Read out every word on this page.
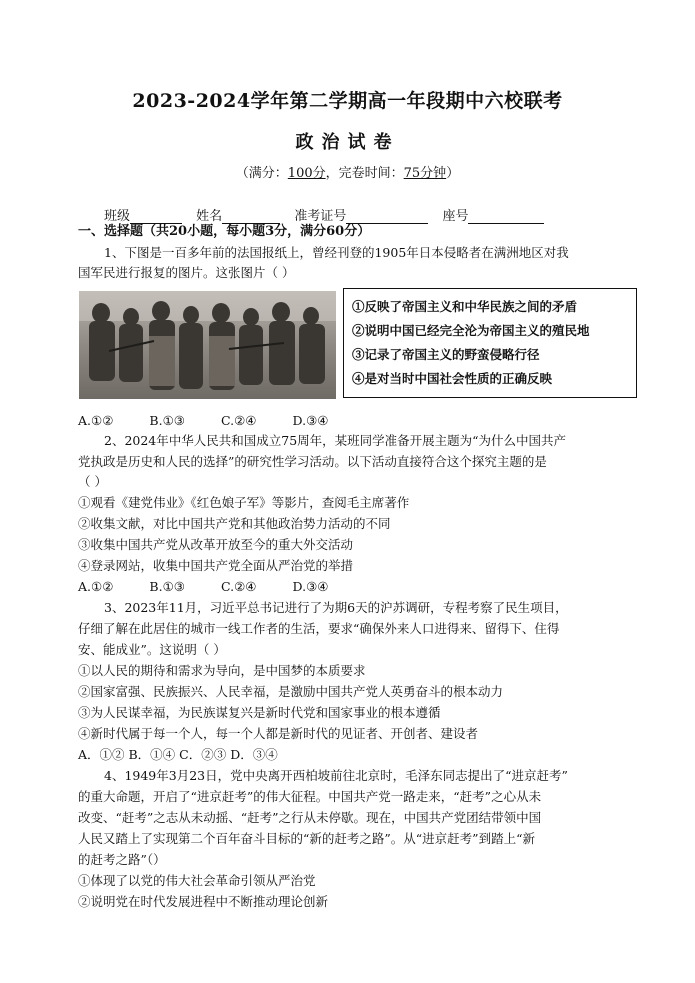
2023-2024学年第二学期高一年段期中六校联考
政治试卷
（满分：100分，完卷时间：75分钟）
班级	姓名	准考证号	座号
一、选择题（共20小题，每小题3分，满分60分）
1、下图是一百多年前的法国报纸上，曾经刊登的1905年日本侵略者在满洲地区对我
国军民进行报复的图片。这张图片（ ）
①反映了帝国主义和中华民族之间的矛盾
②说明中国已经完全沦为帝国主义的殖民地
③记录了帝国主义的野蛮侵略行径
④是对当时中国社会性质的正确反映
A.①②	B.①③	C.②④	D.③④
2、2024年中华人民共和国成立75周年，某班同学准备开展主题为“为什么中国共产
党执政是历史和人民的选择”的研究性学习活动。以下活动直接符合这个探究主题的是
（ ）
①观看《建党伟业》《红色娘子军》等影片，查阅毛主席著作
②收集文献，对比中国共产党和其他政治势力活动的不同
③收集中国共产党从改革开放至今的重大外交活动
④登录网站，收集中国共产党全面从严治党的举措
A.①②	B.①③	C.②④	D.③④
3、2023年11月，习近平总书记进行了为期6天的沪苏调研，专程考察了民生项目，
仔细了解在此居住的城市一线工作者的生活，要求“确保外来人口进得来、留得下、住得
安、能成业”。这说明（ ）
①以人民的期待和需求为导向，是中国梦的本质要求
②国家富强、民族振兴、人民幸福，是激励中国共产党人英勇奋斗的根本动力
③为人民谋幸福，为民族谋复兴是新时代党和国家事业的根本遵循
④新时代属于每一个人，每一个人都是新时代的见证者、开创者、建设者
A．①② B．①④ C．②③ D．③④
4、1949年3月23日，党中央离开西柏坡前往北京时，毛泽东同志提出了“进京赶考”
的重大命题，开启了“进京赶考”的伟大征程。中国共产党一路走来，“赶考”之心从未
改变、“赶考”之志从未动摇、“赶考”之行从未停歇。现在，中国共产党团结带领中国
人民又踏上了实现第二个百年奋斗目标的“新的赶考之路”。从“进京赶考”到踏上“新
的赶考之路”（）
①体现了以党的伟大社会革命引领从严治党
②说明党在时代发展进程中不断推动理论创新
